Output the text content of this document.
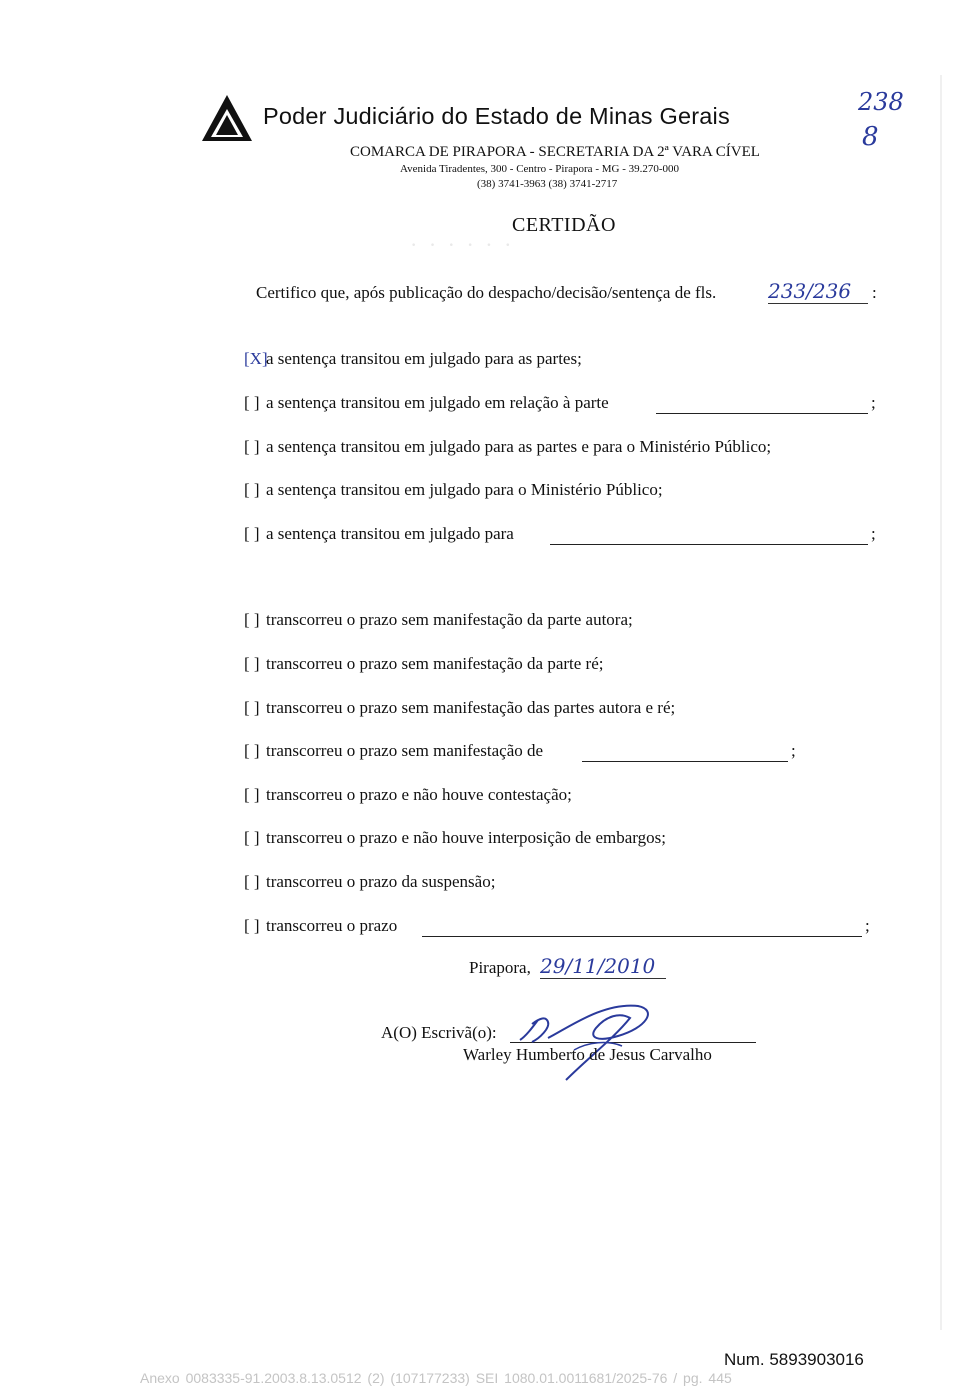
Poder Judiciário do Estado de Minas Gerais
COMARCA DE PIRAPORA - SECRETARIA DA 2ª VARA CÍVEL
Avenida Tiradentes, 300 - Centro - Pirapora - MG - 39.270-000
(38) 3741-3963 (38) 3741-2717
238
8
· · · · · ·
CERTIDÃO
Certifico que, após publicação do despacho/decisão/sentença de fls.	233/236	:
[X]a sentença transitou em julgado para as partes;
[ ] a sentença transitou em julgado em relação à parte
[ ] a sentença transitou em julgado para as partes e para o Ministério Público;
[ ] a sentença transitou em julgado para o Ministério Público;
[ ] a sentença transitou em julgado para
[ ] transcorreu o prazo sem manifestação da parte autora;
[ ] transcorreu o prazo sem manifestação da parte ré;
[ ] transcorreu o prazo sem manifestação das partes autora e ré;
[ ] transcorreu o prazo sem manifestação de
[ ] transcorreu o prazo e não houve contestação;
[ ] transcorreu o prazo e não houve interposição de embargos;
[ ] transcorreu o prazo da suspensão;
[ ] transcorreu o prazo
Pirapora, 29/11/2010
A(O) Escrivã(o):
Warley Humberto de Jesus Carvalho
Num. 5893903016
Anexo 0083335-91.2003.8.13.0512 (2) (107177233) SEI 1080.01.0011681/2025-76 / pg. 445
;
;
;
;
